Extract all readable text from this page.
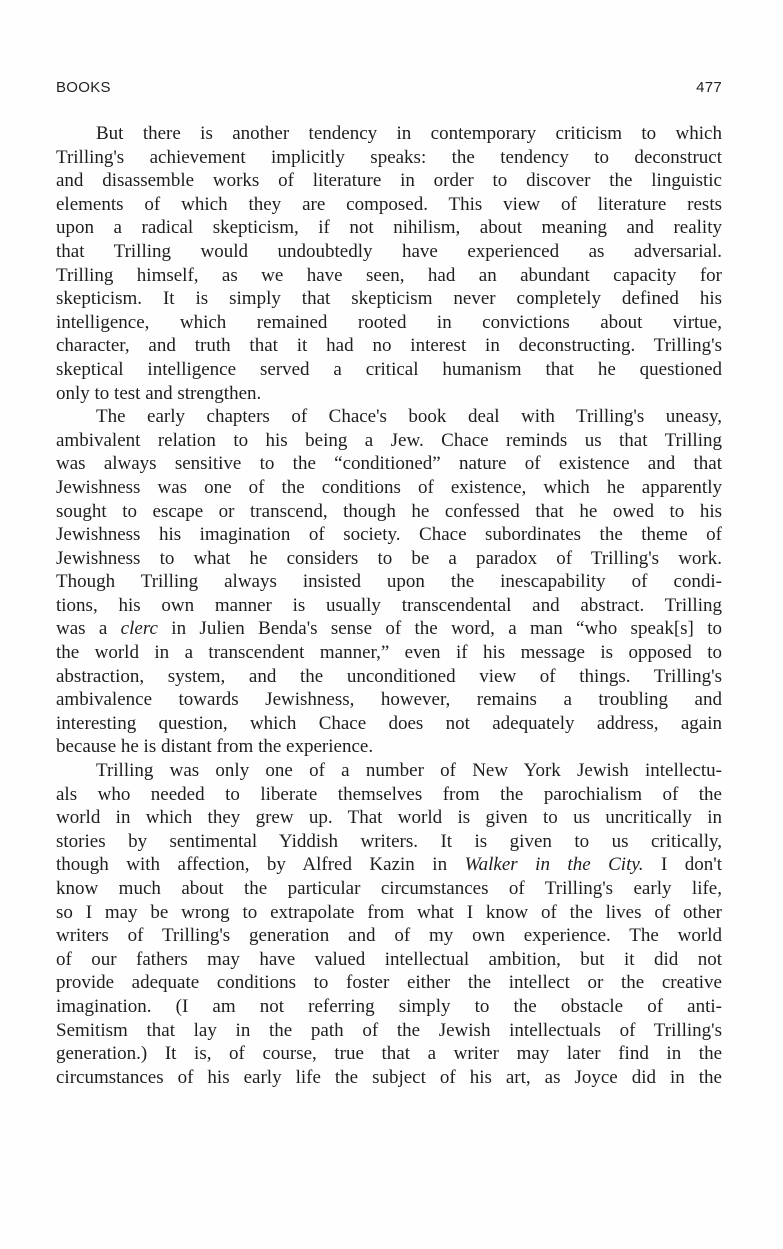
BOOKS	477
But there is another tendency in contemporary criticism to which
Trilling's achievement implicitly speaks: the tendency to deconstruct
and disassemble works of literature in order to discover the linguistic
elements of which they are composed. This view of literature rests
upon a radical skepticism, if not nihilism, about meaning and reality
that Trilling would undoubtedly have experienced as adversarial.
Trilling himself, as we have seen, had an abundant capacity for
skepticism. It is simply that skepticism never completely defined his
intelligence, which remained rooted in convictions about virtue,
character, and truth that it had no interest in deconstructing. Trilling's
skeptical intelligence served a critical humanism that he questioned
only to test and strengthen.
The early chapters of Chace's book deal with Trilling's uneasy,
ambivalent relation to his being a Jew. Chace reminds us that Trilling
was always sensitive to the “conditioned” nature of existence and that
Jewishness was one of the conditions of existence, which he apparently
sought to escape or transcend, though he confessed that he owed to his
Jewishness his imagination of society. Chace subordinates the theme of
Jewishness to what he considers to be a paradox of Trilling's work.
Though Trilling always insisted upon the inescapability of condi-
tions, his own manner is usually transcendental and abstract. Trilling
was a clerc in Julien Benda's sense of the word, a man “who speak[s] to
the world in a transcendent manner,” even if his message is opposed to
abstraction, system, and the unconditioned view of things. Trilling's
ambivalence towards Jewishness, however, remains a troubling and
interesting question, which Chace does not adequately address, again
because he is distant from the experience.
Trilling was only one of a number of New York Jewish intellectu-
als who needed to liberate themselves from the parochialism of the
world in which they grew up. That world is given to us uncritically in
stories by sentimental Yiddish writers. It is given to us critically,
though with affection, by Alfred Kazin in Walker in the City. I don't
know much about the particular circumstances of Trilling's early life,
so I may be wrong to extrapolate from what I know of the lives of other
writers of Trilling's generation and of my own experience. The world
of our fathers may have valued intellectual ambition, but it did not
provide adequate conditions to foster either the intellect or the creative
imagination. (I am not referring simply to the obstacle of anti-
Semitism that lay in the path of the Jewish intellectuals of Trilling's
generation.) It is, of course, true that a writer may later find in the
circumstances of his early life the subject of his art, as Joyce did in the
